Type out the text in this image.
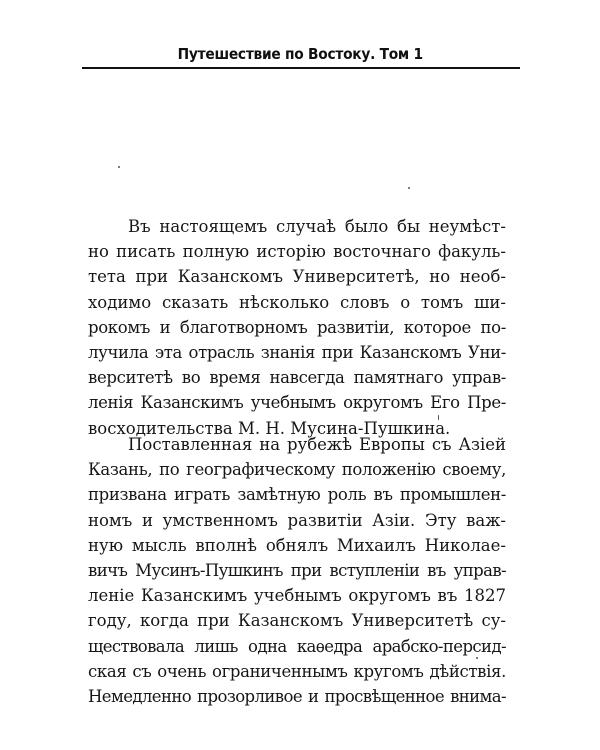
Путешествие по Востоку. Том 1
Въ настоящемъ случаѣ было бы неумѣст-
но писать полную исторію восточнаго факуль-
тета при Казанскомъ Университетѣ, но необ-
ходимо сказать нѣсколько словъ о томъ ши-
рокомъ и благотворномъ развитіи, которое по-
лучила эта отрасль знанія при Казанскомъ Уни-
верситетѣ во время навсегда памятнаго управ-
ленія Казанскимъ учебнымъ округомъ Его Пре-
восходительства М. Н. Мусина-Пушкина.
Поставленная на рубежѣ Европы съ Азіей
Казань, по географическому положенію своему,
призвана играть замѣтную роль въ промышлен-
номъ и умственномъ развитіи Азіи. Эту важ-
ную мысль вполнѣ обнялъ Михаилъ Николае-
вичъ Мусинъ-Пушкинъ при вступленіи въ управ-
леніе Казанскимъ учебнымъ округомъ въ 1827
году, когда при Казанскомъ Университетѣ су-
ществовала лишь одна каѳедра арабско-персид-
ская съ очень ограниченнымъ кругомъ дѣйствія.
Немедленно прозорливое и просвѣщенное внима-
